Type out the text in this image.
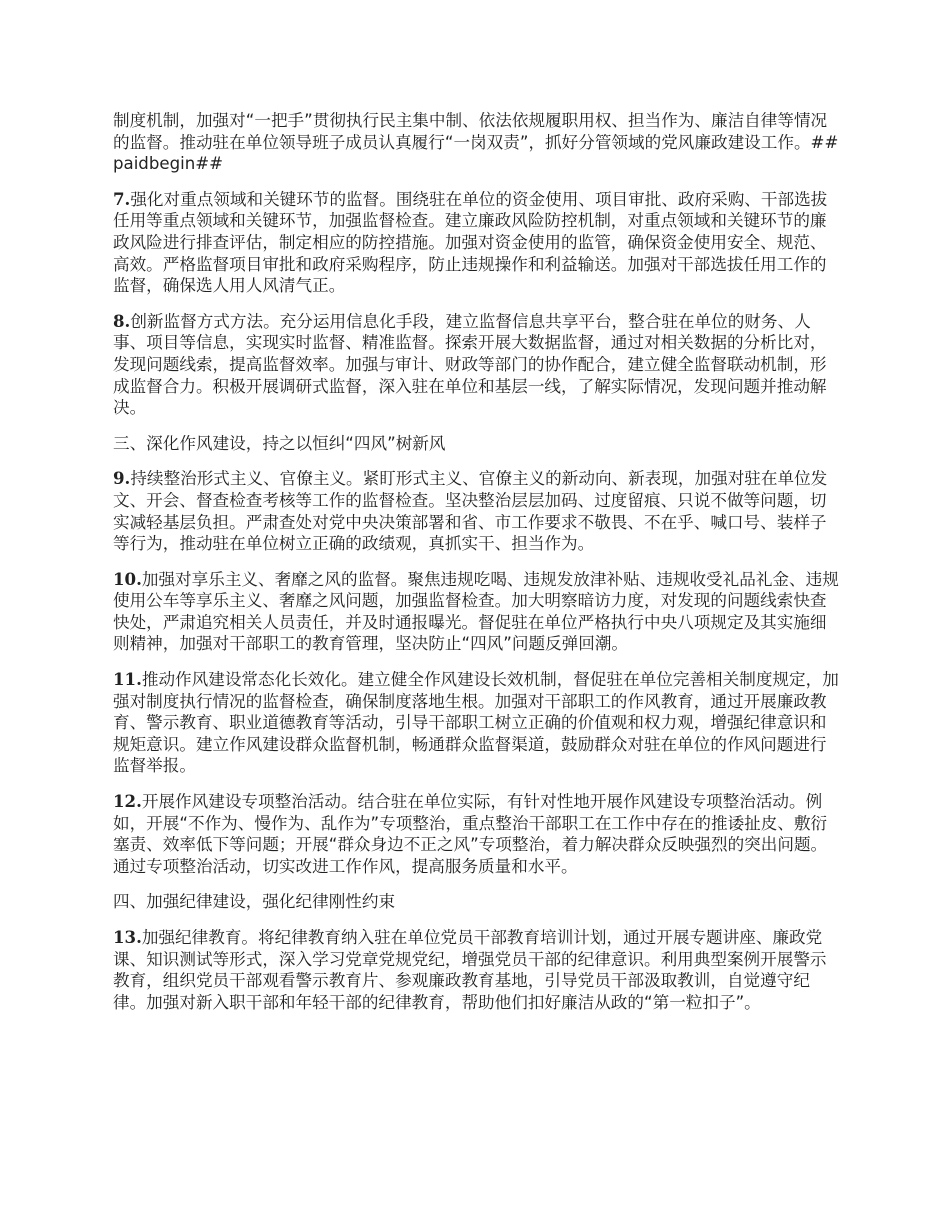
制度机制，加强对“一把手”贯彻执行民主集中制、依法依规履职用权、担当作为、廉洁自律等情况的监督。推动驻在单位领导班子成员认真履行“一岗双责”，抓好分管领域的党风廉政建设工作。##paidbegin##

7.强化对重点领域和关键环节的监督。围绕驻在单位的资金使用、项目审批、政府采购、干部选拔任用等重点领域和关键环节，加强监督检查。建立廉政风险防控机制，对重点领域和关键环节的廉政风险进行排查评估，制定相应的防控措施。加强对资金使用的监管，确保资金使用安全、规范、高效。严格监督项目审批和政府采购程序，防止违规操作和利益输送。加强对干部选拔任用工作的监督，确保选人用人风清气正。

8.创新监督方式方法。充分运用信息化手段，建立监督信息共享平台，整合驻在单位的财务、人事、项目等信息，实现实时监督、精准监督。探索开展大数据监督，通过对相关数据的分析比对，发现问题线索，提高监督效率。加强与审计、财政等部门的协作配合，建立健全监督联动机制，形成监督合力。积极开展调研式监督，深入驻在单位和基层一线，了解实际情况，发现问题并推动解决。

三、深化作风建设，持之以恒纠“四风”树新风

9.持续整治形式主义、官僚主义。紧盯形式主义、官僚主义的新动向、新表现，加强对驻在单位发文、开会、督查检查考核等工作的监督检查。坚决整治层层加码、过度留痕、只说不做等问题，切实减轻基层负担。严肃查处对党中央决策部署和省、市工作要求不敬畏、不在乎、喊口号、装样子等行为，推动驻在单位树立正确的政绩观，真抓实干、担当作为。

10.加强对享乐主义、奢靡之风的监督。聚焦违规吃喝、违规发放津补贴、违规收受礼品礼金、违规使用公车等享乐主义、奢靡之风问题，加强监督检查。加大明察暗访力度，对发现的问题线索快查快处，严肃追究相关人员责任，并及时通报曝光。督促驻在单位严格执行中央八项规定及其实施细则精神，加强对干部职工的教育管理，坚决防止“四风”问题反弹回潮。

11.推动作风建设常态化长效化。建立健全作风建设长效机制，督促驻在单位完善相关制度规定，加强对制度执行情况的监督检查，确保制度落地生根。加强对干部职工的作风教育，通过开展廉政教育、警示教育、职业道德教育等活动，引导干部职工树立正确的价值观和权力观，增强纪律意识和规矩意识。建立作风建设群众监督机制，畅通群众监督渠道，鼓励群众对驻在单位的作风问题进行监督举报。

12.开展作风建设专项整治活动。结合驻在单位实际，有针对性地开展作风建设专项整治活动。例如，开展“不作为、慢作为、乱作为”专项整治，重点整治干部职工在工作中存在的推诿扯皮、敷衍塞责、效率低下等问题；开展“群众身边不正之风”专项整治，着力解决群众反映强烈的突出问题。通过专项整治活动，切实改进工作作风，提高服务质量和水平。

四、加强纪律建设，强化纪律刚性约束

13.加强纪律教育。将纪律教育纳入驻在单位党员干部教育培训计划，通过开展专题讲座、廉政党课、知识测试等形式，深入学习党章党规党纪，增强党员干部的纪律意识。利用典型案例开展警示教育，组织党员干部观看警示教育片、参观廉政教育基地，引导党员干部汲取教训，自觉遵守纪律。加强对新入职干部和年轻干部的纪律教育，帮助他们扣好廉洁从政的“第一粒扣子”。
